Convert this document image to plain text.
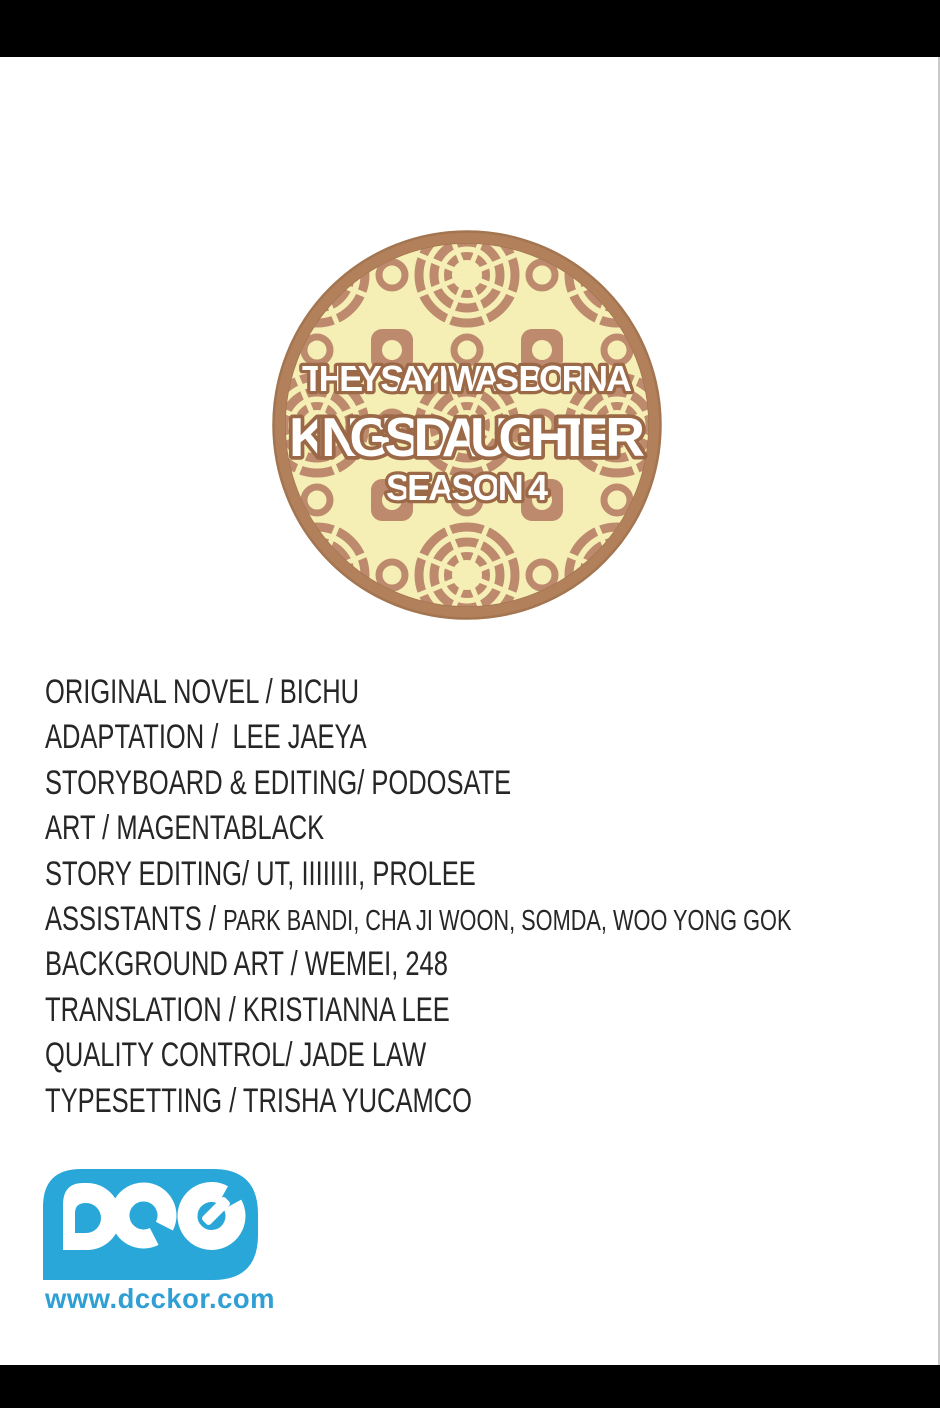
THEY SAY I WAS BORN A
KING’S DAUGHTER
SEASON 4
ORIGINAL NOVEL / BICHU
ADAPTATION /  LEE JAEYA
STORYBOARD & EDITING/ PODOSATE
ART / MAGENTABLACK
STORY EDITING/ UT, IIIIIIII, PROLEE
ASSISTANTS / PARK BANDI, CHA JI WOON, SOMDA, WOO YONG GOK
BACKGROUND ART / WEMEI, 248
TRANSLATION / KRISTIANNA LEE
QUALITY CONTROL/ JADE LAW
TYPESETTING / TRISHA YUCAMCO
www.dcckor.com
